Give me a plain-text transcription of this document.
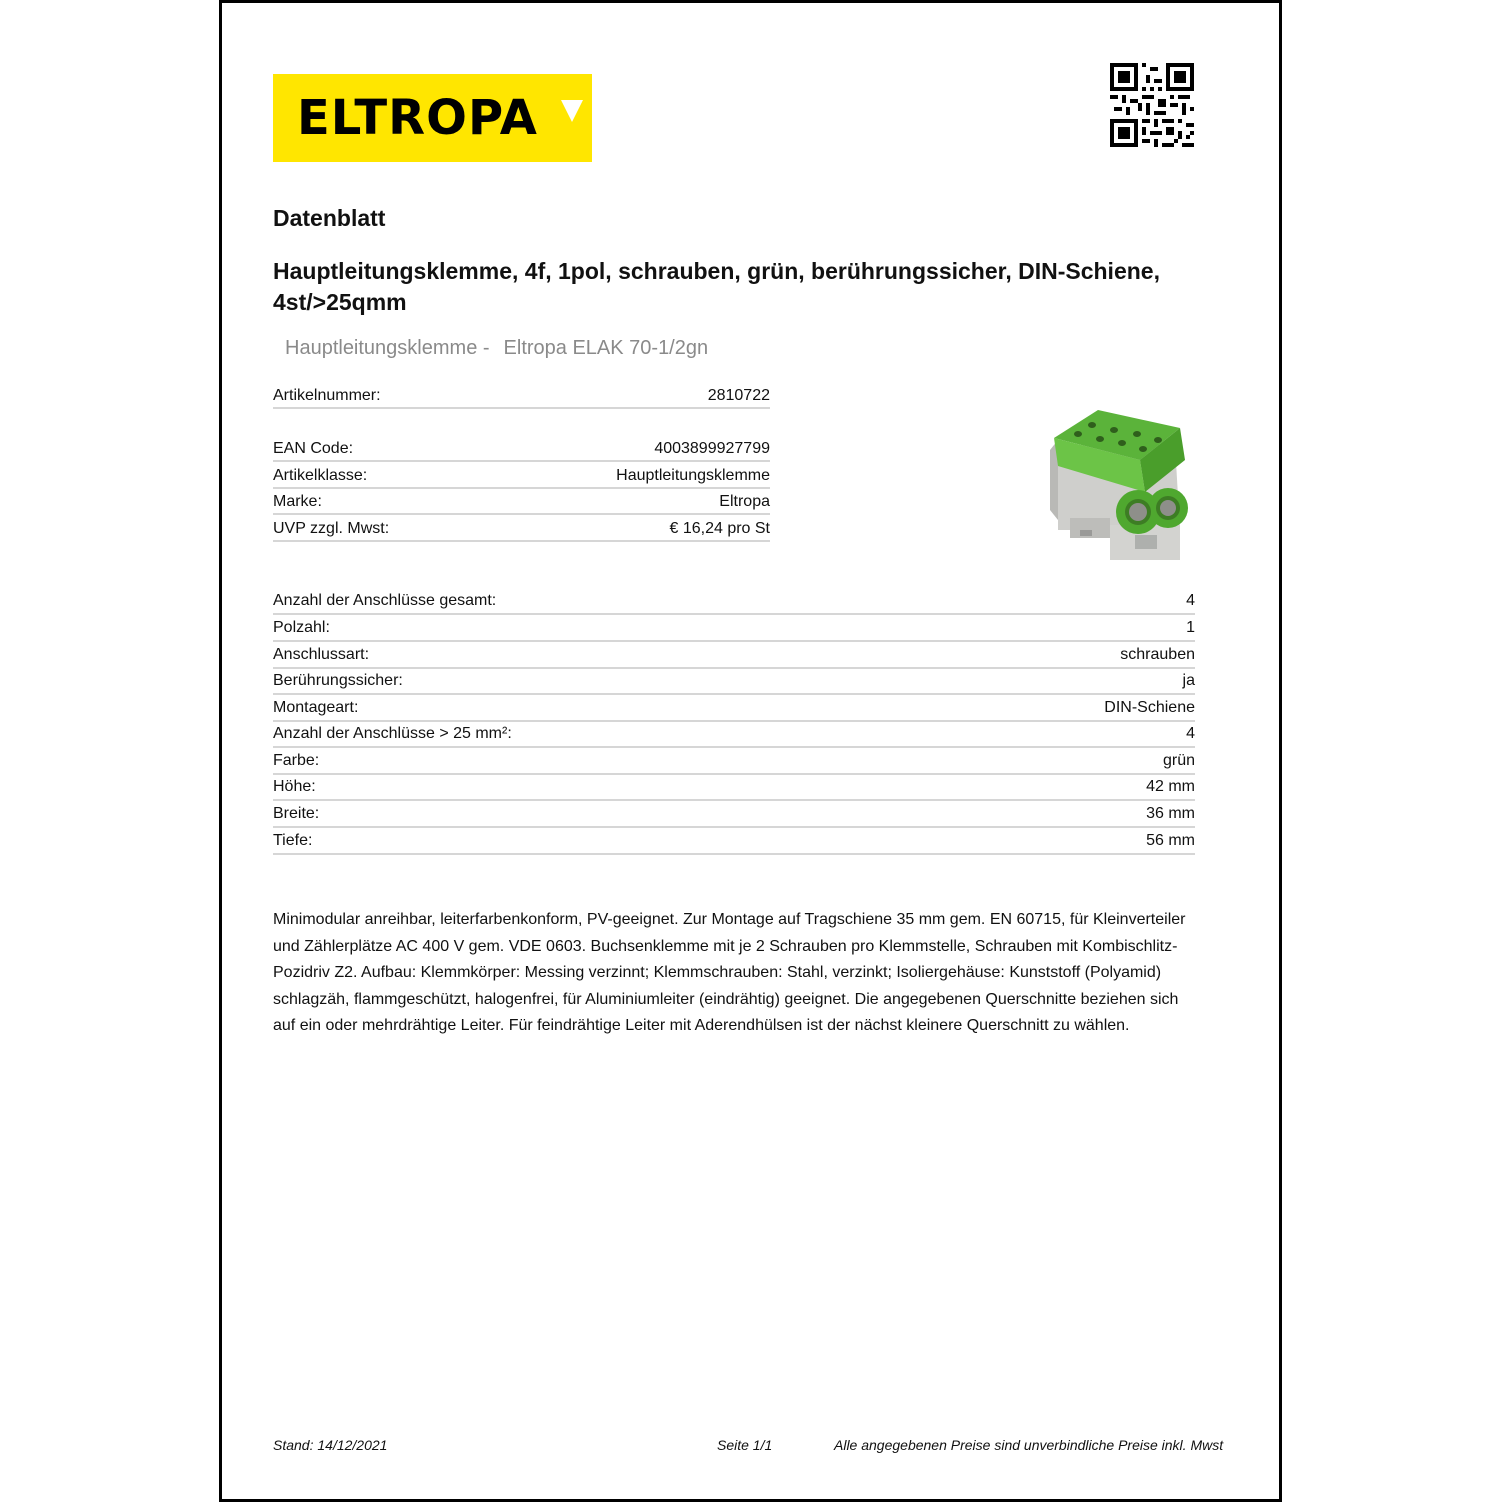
ELTROPA
Datenblatt
Hauptleitungsklemme, 4f, 1pol, schrauben, grün, berührungssicher, DIN-Schiene, 4st/>25qmm
Hauptleitungsklemme - Eltropa ELAK 70-1/2gn
Artikelnummer:	2810722
EAN Code:	4003899927799
Artikelklasse:	Hauptleitungsklemme
Marke:	Eltropa
UVP zzgl. Mwst:	€ 16,24 pro St
Anzahl der Anschlüsse gesamt:	4
Polzahl:	1
Anschlussart:	schrauben
Berührungssicher:	ja
Montageart:	DIN-Schiene
Anzahl der Anschlüsse > 25 mm²:	4
Farbe:	grün
Höhe:	42 mm
Breite:	36 mm
Tiefe:	56 mm
Minimodular anreihbar, leiterfarbenkonform, PV-geeignet. Zur Montage auf Tragschiene 35 mm gem. EN 60715, für Kleinverteiler und Zählerplätze AC 400 V gem. VDE 0603. Buchsenklemme mit je 2 Schrauben pro Klemmstelle, Schrauben mit Kombischlitz-Pozidriv Z2. Aufbau: Klemmkörper: Messing verzinnt; Klemmschrauben: Stahl, verzinkt; Isoliergehäuse: Kunststoff (Polyamid) schlagzäh, flammgeschützt, halogenfrei, für Aluminiumleiter (eindrähtig) geeignet. Die angegebenen Querschnitte beziehen sich auf ein oder mehrdrähtige Leiter. Für feindrähtige Leiter mit Aderendhülsen ist der nächst kleinere Querschnitt zu wählen.
Stand: 14/12/2021	Seite 1/1	Alle angegebenen Preise sind unverbindliche Preise inkl. Mwst
